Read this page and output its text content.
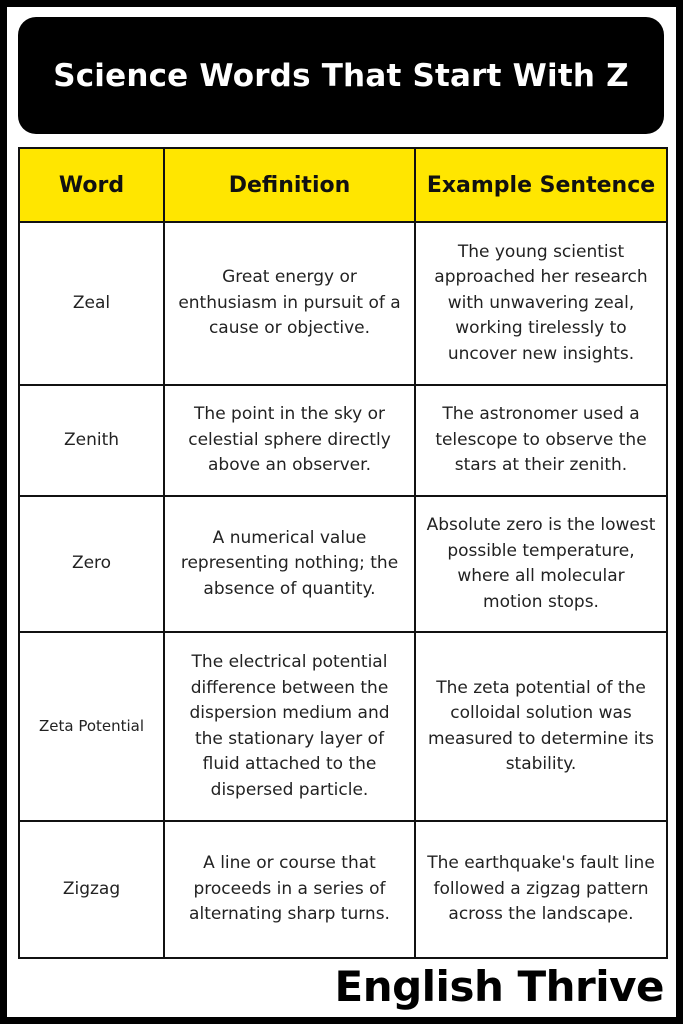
Science Words That Start With Z
Word	Definition	Example Sentence
Zeal	Great energy or enthusiasm in pursuit of a cause or objective.	The young scientist approached her research with unwavering zeal, working tirelessly to uncover new insights.
Zenith	The point in the sky or celestial sphere directly above an observer.	The astronomer used a telescope to observe the stars at their zenith.
Zero	A numerical value representing nothing; the absence of quantity.	Absolute zero is the lowest possible temperature, where all molecular motion stops.
Zeta Potential	The electrical potential difference between the dispersion medium and the stationary layer of fluid attached to the dispersed particle.	The zeta potential of the colloidal solution was measured to determine its stability.
Zigzag	A line or course that proceeds in a series of alternating sharp turns.	The earthquake's fault line followed a zigzag pattern across the landscape.
English Thrive
